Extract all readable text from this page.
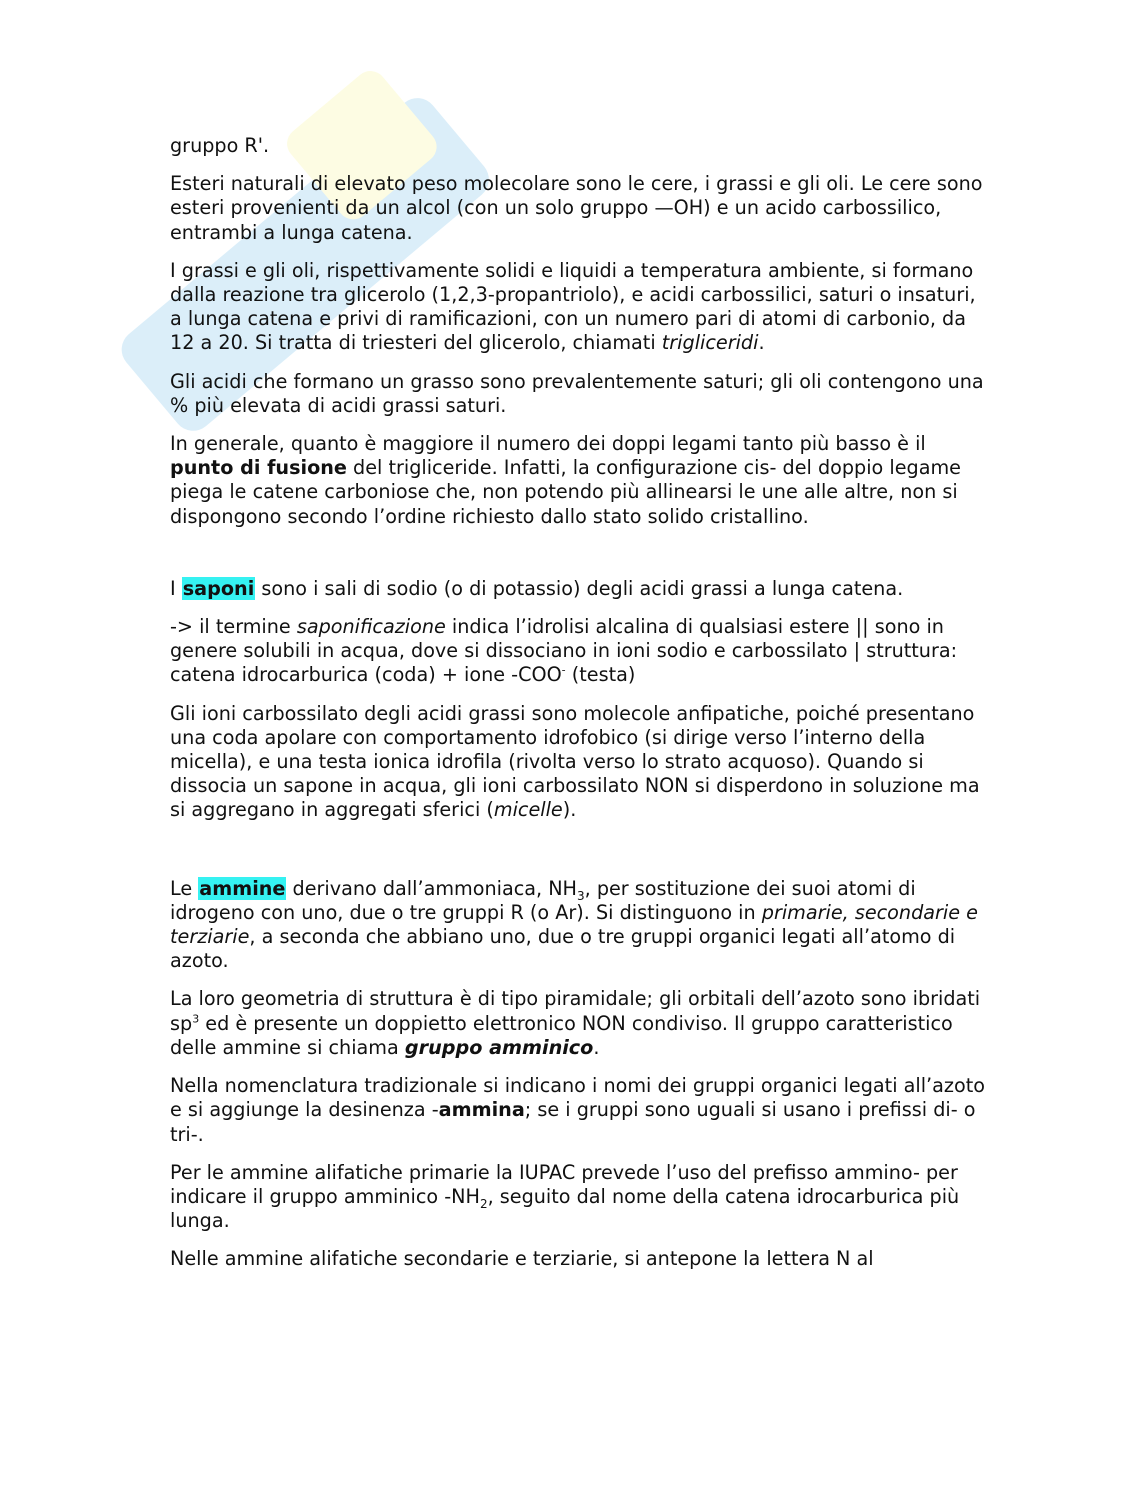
gruppo R'.

Esteri naturali di elevato peso molecolare sono le cere, i grassi e gli oli. Le cere sono esteri provenienti da un alcol (con un solo gruppo —OH) e un acido carbossilico, entrambi a lunga catena.

I grassi e gli oli, rispettivamente solidi e liquidi a temperatura ambiente, si formano dalla reazione tra glicerolo (1,2,3-propantriolo), e acidi carbossilici, saturi o insaturi, a lunga catena e privi di ramificazioni, con un numero pari di atomi di carbonio, da 12 a 20. Si tratta di triesteri del glicerolo, chiamati trigliceridi.

Gli acidi che formano un grasso sono prevalentemente saturi; gli oli contengono una % più elevata di acidi grassi saturi.

In generale, quanto è maggiore il numero dei doppi legami tanto più basso è il punto di fusione del trigliceride. Infatti, la configurazione cis- del doppio legame piega le catene carboniose che, non potendo più allinearsi le une alle altre, non si dispongono secondo l’ordine richiesto dallo stato solido cristallino.

I saponi sono i sali di sodio (o di potassio) degli acidi grassi a lunga catena.

-> il termine saponificazione indica l’idrolisi alcalina di qualsiasi estere || sono in genere solubili in acqua, dove si dissociano in ioni sodio e carbossilato | struttura: catena idrocarburica (coda) + ione -COO- (testa)

Gli ioni carbossilato degli acidi grassi sono molecole anfipatiche, poiché presentano una coda apolare con comportamento idrofobico (si dirige verso l’interno della micella), e una testa ionica idrofila (rivolta verso lo strato acquoso). Quando si dissocia un sapone in acqua, gli ioni carbossilato NON si disperdono in soluzione ma si aggregano in aggregati sferici (micelle).

Le ammine derivano dall’ammoniaca, $NH_3$, per sostituzione dei suoi atomi di idrogeno con uno, due o tre gruppi R (o Ar). Si distinguono in primarie, secondarie e terziarie, a seconda che abbiano uno, due o tre gruppi organici legati all’atomo di azoto.

La loro geometria di struttura è di tipo piramidale; gli orbitali dell’azoto sono ibridati $sp^3$ ed è presente un doppietto elettronico NON condiviso. Il gruppo caratteristico delle ammine si chiama gruppo amminico.

Nella nomenclatura tradizionale si indicano i nomi dei gruppi organici legati all’azoto e si aggiunge la desinenza -ammina; se i gruppi sono uguali si usano i prefissi di- o tri-.

Per le ammine alifatiche primarie la IUPAC prevede l’uso del prefisso ammino- per indicare il gruppo amminico $-NH_2$, seguito dal nome della catena idrocarburica più lunga.

Nelle ammine alifatiche secondarie e terziarie, si antepone la lettera N al
